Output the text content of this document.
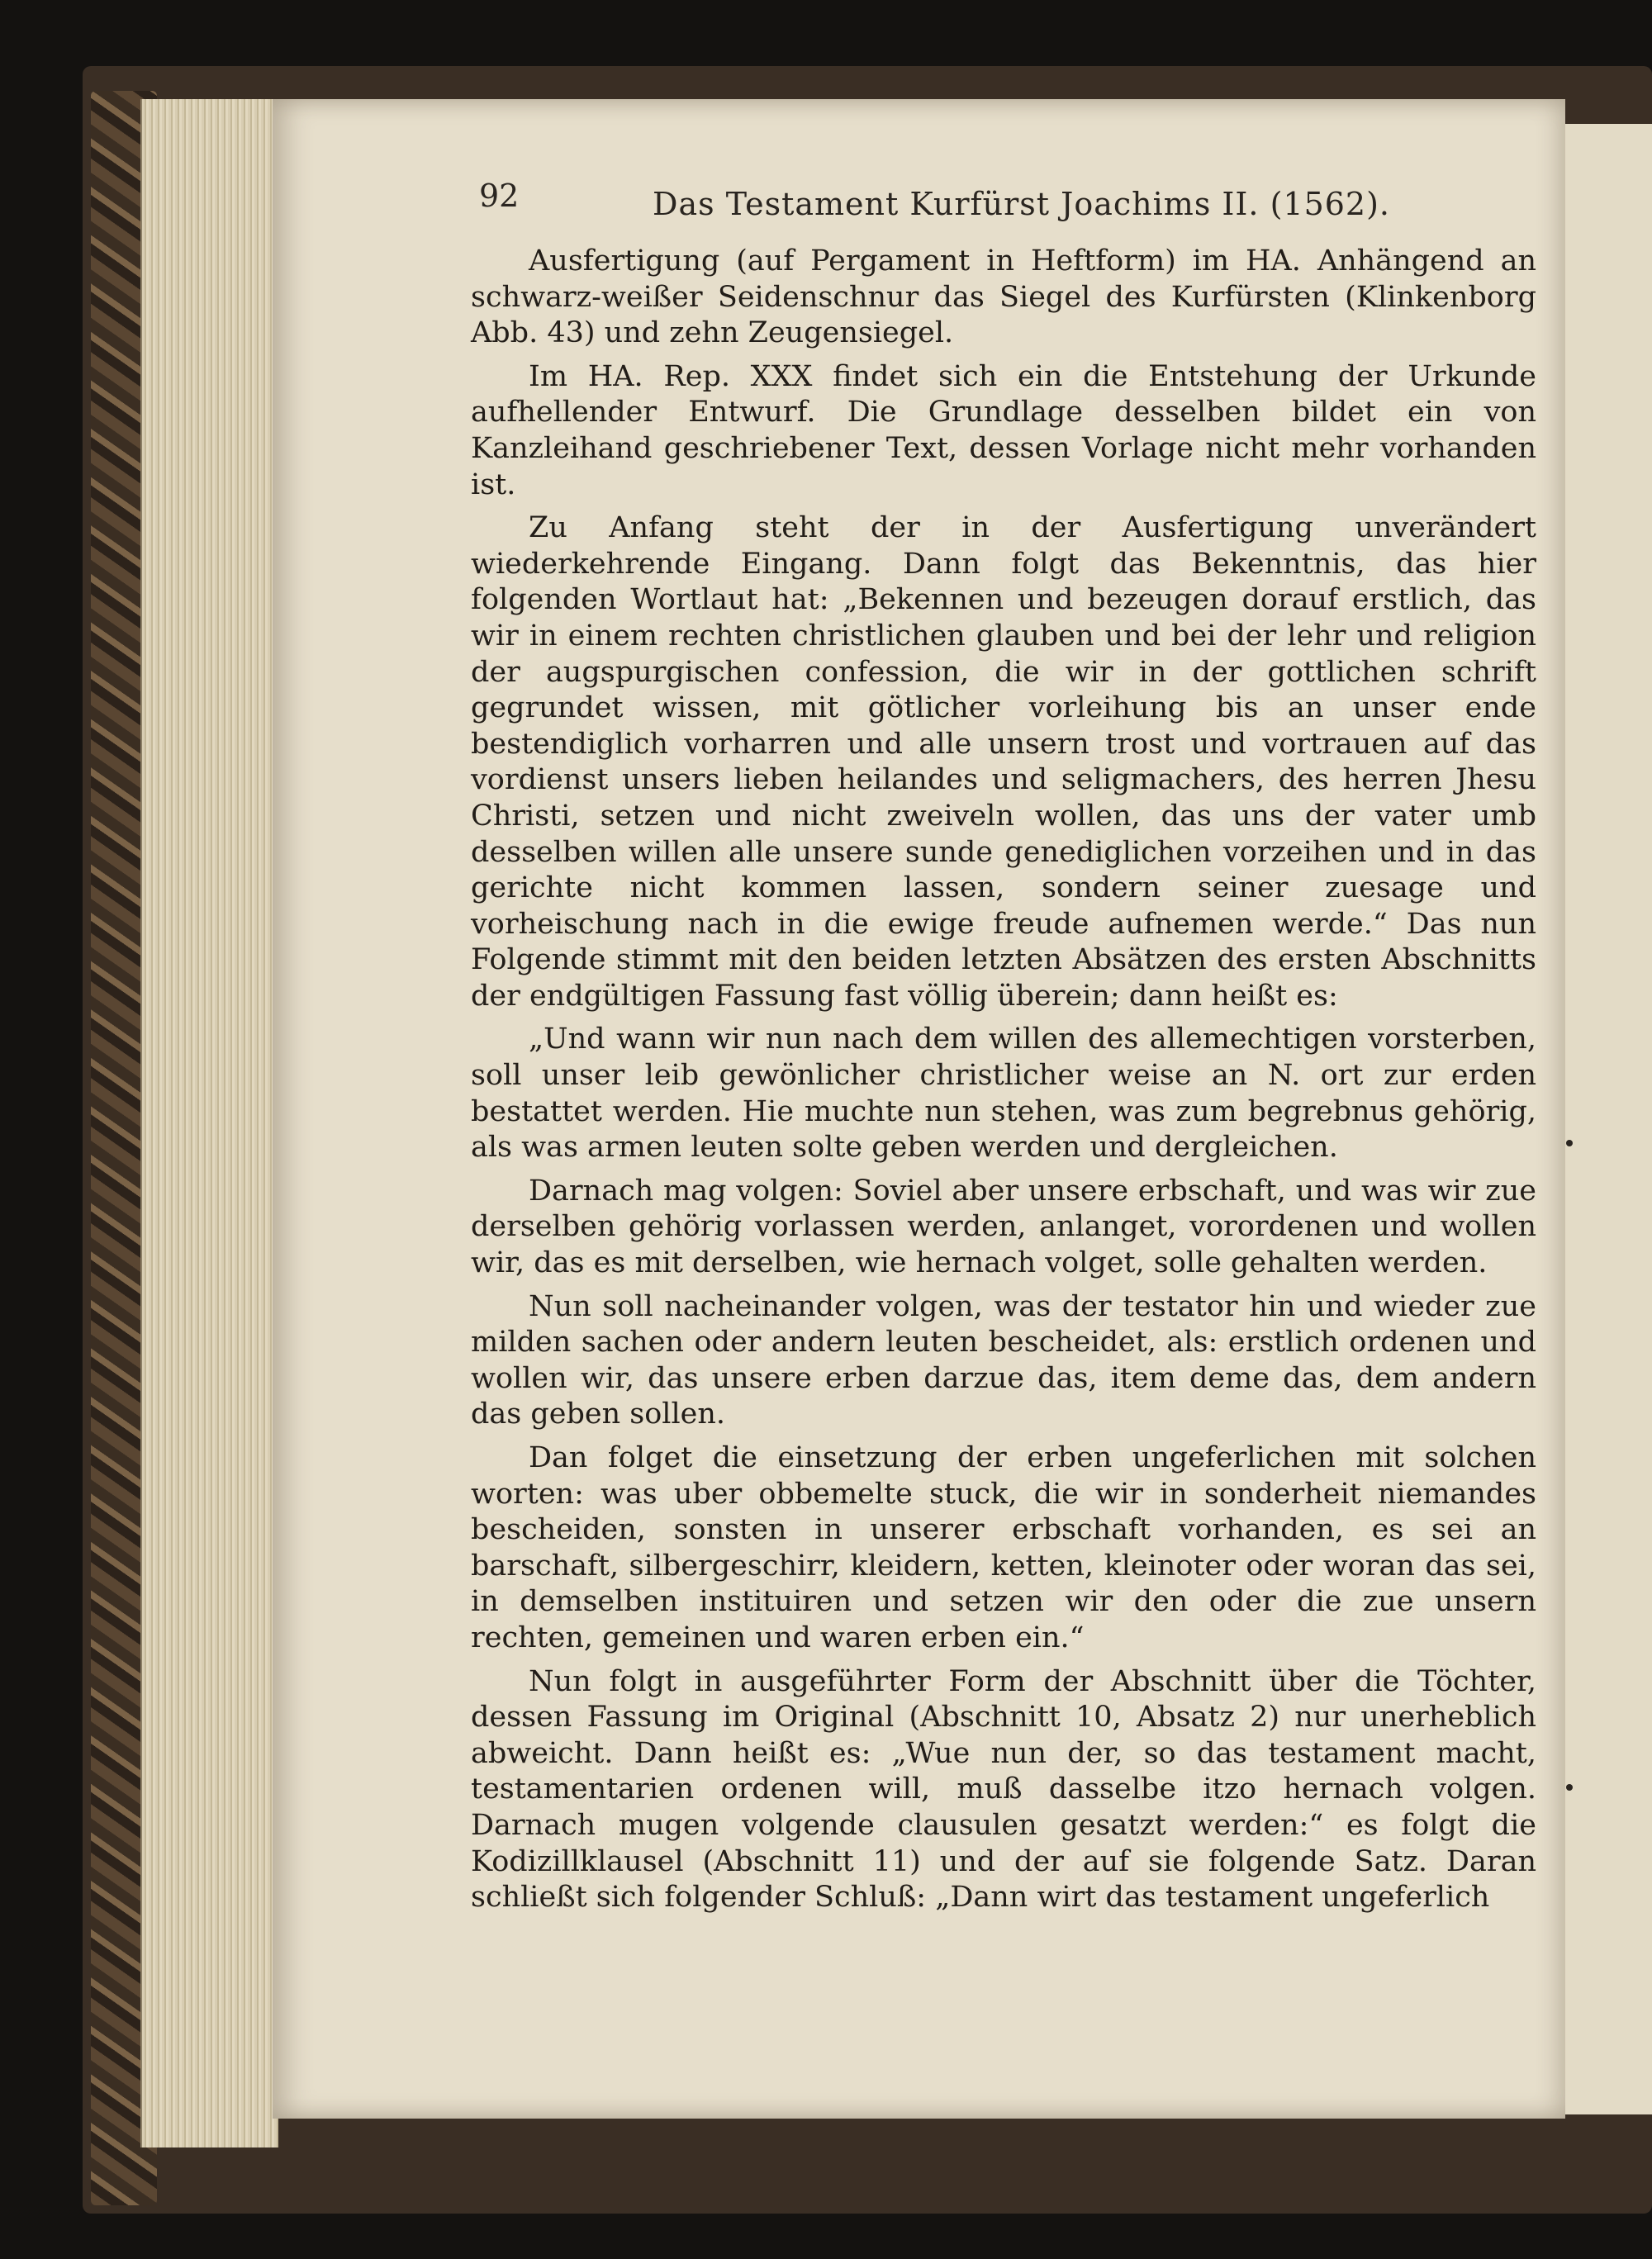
92	Das Testament Kurfürst Joachims II. (1562).

Ausfertigung (auf Pergament in Heftform) im HA. Anhängend an schwarz-weißer Seidenschnur das Siegel des Kurfürsten (Klinkenborg Abb. 43) und zehn Zeugensiegel.

Im HA. Rep. XXX findet sich ein die Entstehung der Urkunde aufhellender Entwurf. Die Grundlage desselben bildet ein von Kanzleihand geschriebener Text, dessen Vorlage nicht mehr vorhanden ist.

Zu Anfang steht der in der Ausfertigung unverändert wiederkehrende Eingang. Dann folgt das Bekenntnis, das hier folgenden Wortlaut hat: „Bekennen und bezeugen dorauf erstlich, das wir in einem rechten christlichen glauben und bei der lehr und religion der augspurgischen confession, die wir in der gottlichen schrift gegrundet wissen, mit götlicher vorleihung bis an unser ende bestendiglich vorharren und alle unsern trost und vortrauen auf das vordienst unsers lieben heilandes und seligmachers, des herren Jhesu Christi, setzen und nicht zweiveln wollen, das uns der vater umb desselben willen alle unsere sunde genediglichen vorzeihen und in das gerichte nicht kommen lassen, sondern seiner zuesage und vorheischung nach in die ewige freude aufnemen werde.“ Das nun Folgende stimmt mit den beiden letzten Absätzen des ersten Abschnitts der endgültigen Fassung fast völlig überein; dann heißt es:

„Und wann wir nun nach dem willen des allemechtigen vorsterben, soll unser leib gewönlicher christlicher weise an N. ort zur erden bestattet werden. Hie muchte nun stehen, was zum begrebnus gehörig, als was armen leuten solte geben werden und dergleichen.

Darnach mag volgen: Soviel aber unsere erbschaft, und was wir zue derselben gehörig vorlassen werden, anlanget, vorordenen und wollen wir, das es mit derselben, wie hernach volget, solle gehalten werden.

Nun soll nacheinander volgen, was der testator hin und wieder zue milden sachen oder andern leuten bescheidet, als: erstlich ordenen und wollen wir, das unsere erben darzue das, item deme das, dem andern das geben sollen.

Dan folget die einsetzung der erben ungeferlichen mit solchen worten: was uber obbemelte stuck, die wir in sonderheit niemandes bescheiden, sonsten in unserer erbschaft vorhanden, es sei an barschaft, silbergeschirr, kleidern, ketten, kleinoter oder woran das sei, in demselben instituiren und setzen wir den oder die zue unsern rechten, gemeinen und waren erben ein.“

Nun folgt in ausgeführter Form der Abschnitt über die Töchter, dessen Fassung im Original (Abschnitt 10, Absatz 2) nur unerheblich abweicht. Dann heißt es: „Wue nun der, so das testament macht, testamentarien ordenen will, muß dasselbe itzo hernach volgen. Darnach mugen volgende clausulen gesatzt werden:“ es folgt die Kodizillklausel (Abschnitt 11) und der auf sie folgende Satz. Daran schließt sich folgender Schluß: „Dann wirt das testament ungeferlich
